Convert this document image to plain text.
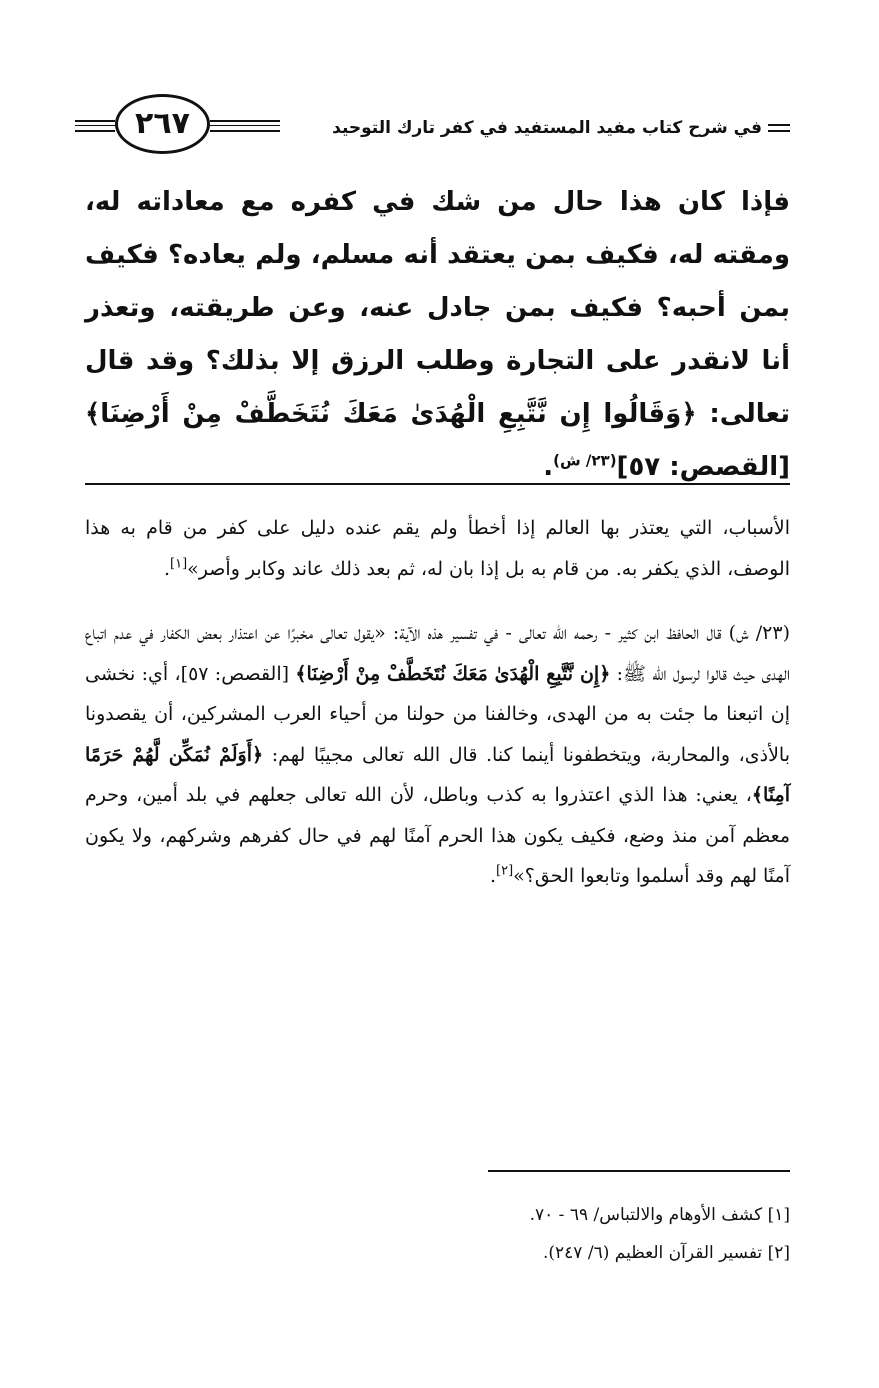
٢٦٧	في شرح كتاب مفيد المستفيد في كفر تارك التوحيد

فإذا كان هذا حال من شك في كفره مع معاداته له، ومقته له، فكيف بمن يعتقد أنه مسلم، ولم يعاده؟ فكيف بمن أحبه؟ فكيف بمن جادل عنه، وعن طريقته، وتعذر أنا لانقدر على التجارة وطلب الرزق إلا بذلك؟ وقد قال تعالى: ﴿وَقَالُوا إِن نَّتَّبِعِ الْهُدَىٰ مَعَكَ نُتَخَطَّفْ مِنْ أَرْضِنَا﴾ [القصص: ٥٧]$^{(٢٣/ ش)}$.

الأسباب، التي يعتذر بها العالم إذا أخطأ ولم يقم عنده دليل على كفر من قام به هذا الوصف، الذي يكفر به. من قام به بل إذا بان له، ثم بعد ذلك عاند وكابر وأصر»[١].

(٢٣/ ش) قال الحافظ ابن كثير - رحمه الله تعالى - في تفسير هذه الآية: «يقول تعالى مخبرًا عن اعتذار بعض الكفار في عدم اتباع الهدى حيث قالوا لرسول الله ﷺ: ﴿إِن نَّتَّبِعِ الْهُدَىٰ مَعَكَ نُتَخَطَّفْ مِنْ أَرْضِنَا﴾ [القصص: ٥٧]، أي: نخشى إن اتبعنا ما جئت به من الهدى، وخالفنا من حولنا من أحياء العرب المشركين، أن يقصدونا بالأذى، والمحاربة، ويتخطفونا أينما كنا. قال الله تعالى مجيبًا لهم: ﴿أَوَلَمْ نُمَكِّن لَّهُمْ حَرَمًا آمِنًا﴾، يعني: هذا الذي اعتذروا به كذب وباطل، لأن الله تعالى جعلهم في بلد أمين، وحرم معظم آمن منذ وضع، فكيف يكون هذا الحرم آمنًا لهم في حال كفرهم وشركهم، ولا يكون آمنًا لهم وقد أسلموا وتابعوا الحق؟»[٢].

[١] كشف الأوهام والالتباس/ ٦٩ - ٧٠.

[٢] تفسير القرآن العظيم (٦/ ٢٤٧).
